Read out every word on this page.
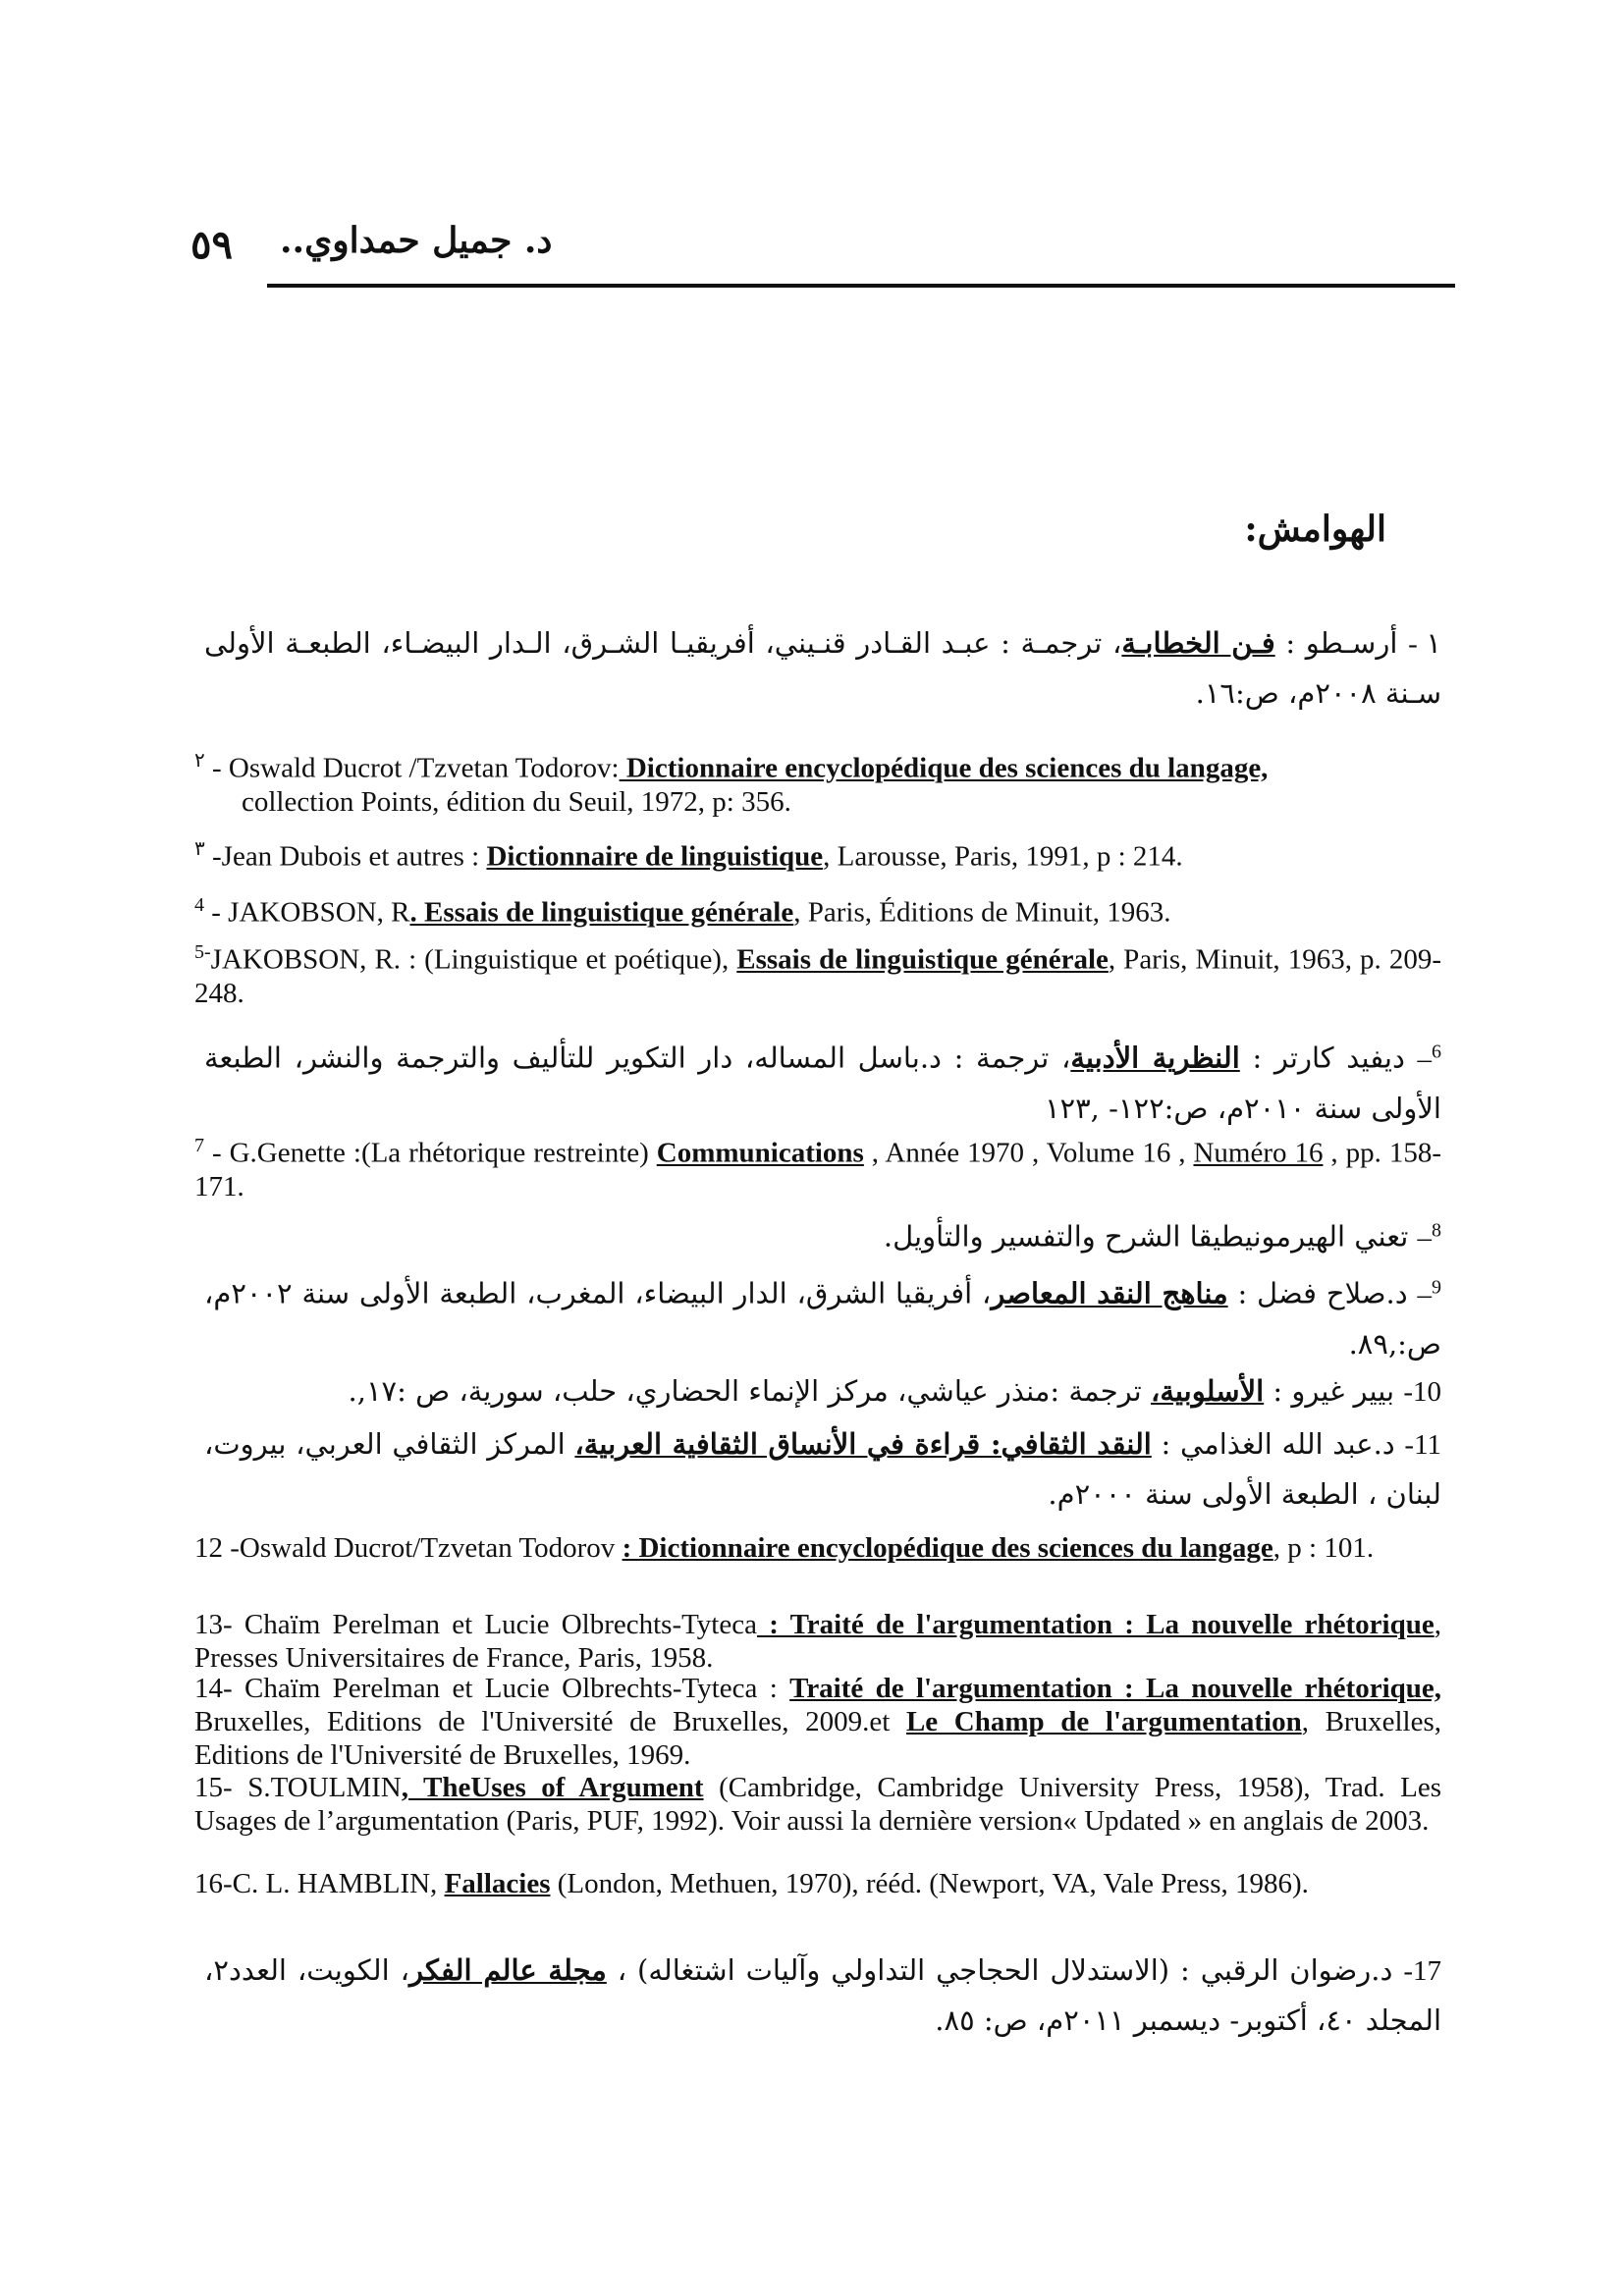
٥٩ د. جميل حمداوي..
الهوامش:
١ - أرسـطو : فـن الخطابـة، ترجمـة : عبـد القـادر قنـيني، أفريقيـا الشـرق، الـدار البيضـاء، الطبعـة الأولى سـنة ٢٠٠٨م، ص:١٦.
$^٢$ - Oswald Ducrot /Tzvetan Todorov: Dictionnaire encyclopédique des sciences du langage,
collection Points, édition du Seuil, 1972, p: 356.
$^٣$ -Jean Dubois et autres : Dictionnaire de linguistique, Larousse, Paris, 1991, p : 214.
$^4$ - JAKOBSON, R. Essais de linguistique générale, Paris, Éditions de Minuit, 1963.
$^{5-}$JAKOBSON, R. : (Linguistique et poétique), Essais de linguistique générale, Paris, Minuit, 1963, p. 209-248.
$^6$– ديفيد كارتر : النظرية الأدبية، ترجمة : د.باسل المساله، دار التكوير للتأليف والترجمة والنشر، الطبعة الأولى سنة ٢٠١٠م، ص:١٢٢- ,١٢٣
$^7$ - G.Genette :(La rhétorique restreinte) Communications , Année 1970 , Volume 16 , Numéro 16 , pp. 158-171.
$^8$– تعني الهيرمونيطيقا الشرح والتفسير والتأويل.
$^9$– د.صلاح فضل : مناهج النقد المعاصر، أفريقيا الشرق، الدار البيضاء، المغرب، الطبعة الأولى سنة ٢٠٠٢م، ص:,٨٩.
10- بيير غيرو : الأسلوبية، ترجمة :منذر عياشي، مركز الإنماء الحضاري، حلب، سورية، ص :١٧,.
11- د.عبد الله الغذامي : النقد الثقافي: قراءة في الأنساق الثقافية العربية، المركز الثقافي العربي، بيروت، لبنان ، الطبعة الأولى سنة ٢٠٠٠م.
12 -Oswald Ducrot/Tzvetan Todorov : Dictionnaire encyclopédique des sciences du langage, p : 101.
13- Chaïm Perelman et Lucie Olbrechts-Tyteca : Traité de l'argumentation : La nouvelle rhétorique, Presses Universitaires de France, Paris, 1958.
14- Chaïm Perelman et Lucie Olbrechts-Tyteca : Traité de l'argumentation : La nouvelle rhétorique, Bruxelles, Editions de l'Université de Bruxelles, 2009.et Le Champ de l'argumentation, Bruxelles, Editions de l'Université de Bruxelles, 1969.
15- S.TOULMIN, TheUses of Argument (Cambridge, Cambridge University Press, 1958), Trad. Les Usages de l’argumentation (Paris, PUF, 1992). Voir aussi la dernière version« Updated » en anglais de 2003.
16-C. L. HAMBLIN, Fallacies (London, Methuen, 1970), rééd. (Newport, VA, Vale Press, 1986).
17- د.رضوان الرقبي : (الاستدلال الحجاجي التداولي وآليات اشتغاله) ، مجلة عالم الفكر، الكويت، العدد٢، المجلد ٤٠، أكتوبر- ديسمبر ٢٠١١م، ص: ٨٥.
